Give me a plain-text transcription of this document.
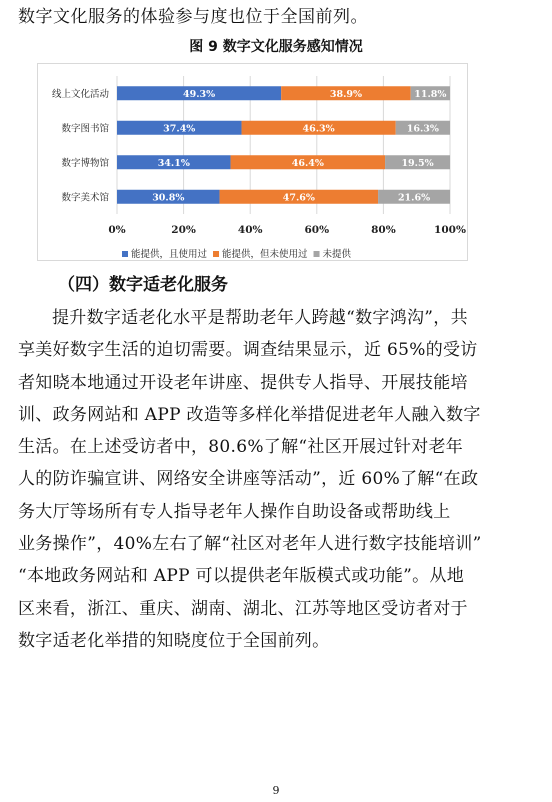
数字文化服务的体验参与度也位于全国前列。
图 9 数字文化服务感知情况
0%	20%	40%	60%	80%	100%
线上文化活动	49.3%	38.9%	11.8%
数字图书馆	37.4%	46.3%	16.3%
数字博物馆	34.1%	46.4%	19.5%
数字美术馆	30.8%	47.6%	21.6%
能提供，且使用过 能提供，但未使用过 未提供
（四）数字适老化服务
提升数字适老化水平是帮助老年人跨越“数字鸿沟”，共
享美好数字生活的迫切需要。调查结果显示，近 65%的受访
者知晓本地通过开设老年讲座、提供专人指导、开展技能培
训、政务网站和 APP 改造等多样化举措促进老年人融入数字
生活。在上述受访者中，80.6%了解“社区开展过针对老年
人的防诈骗宣讲、网络安全讲座等活动”，近 60%了解“在政
务大厅等场所有专人指导老年人操作自助设备或帮助线上
业务操作”，40%左右了解“社区对老年人进行数字技能培训”
“本地政务网站和 APP 可以提供老年版模式或功能”。从地
区来看，浙江、重庆、湖南、湖北、江苏等地区受访者对于
数字适老化举措的知晓度位于全国前列。
9
